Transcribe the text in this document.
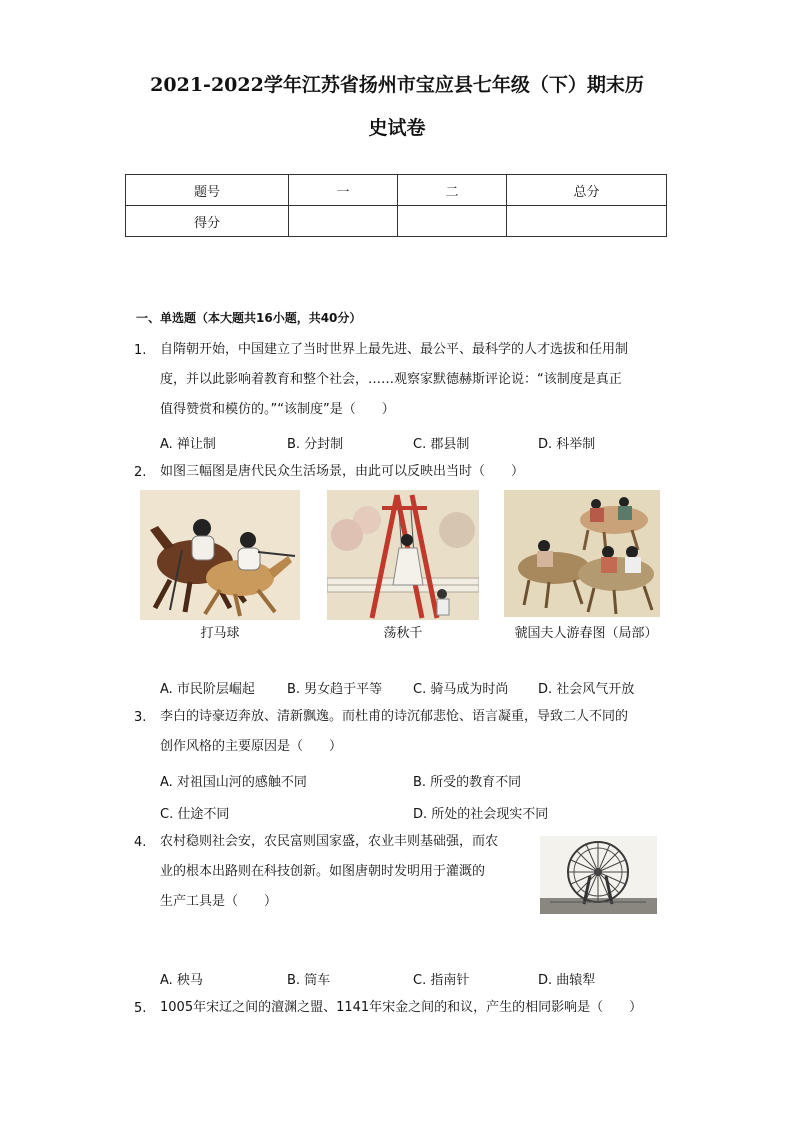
2021-2022学年江苏省扬州市宝应县七年级（下）期末历
史试卷
题号	一	二	总分
得分			
一、单选题（本大题共16小题，共40分）
1. 自隋朝开始，中国建立了当时世界上最先进、最公平、最科学的人才选拔和任用制
度，并以此影响着教育和整个社会，……观察家默德赫斯评论说：“该制度是真正
值得赞赏和模仿的。”“该制度”是（　　）
A. 禅让制	B. 分封制	C. 郡县制	D. 科举制
2. 如图三幅图是唐代民众生活场景，由此可以反映出当时（　　）
打马球	荡秋千	虢国夫人游春图（局部）
A. 市民阶层崛起 B. 男女趋于平等 C. 骑马成为时尚 D. 社会风气开放
3. 李白的诗豪迈奔放、清新飘逸。而杜甫的诗沉郁悲怆、语言凝重，导致二人不同的
创作风格的主要原因是（　　）
A. 对祖国山河的感触不同	B. 所受的教育不同
C. 仕途不同	D. 所处的社会现实不同
4. 农村稳则社会安，农民富则国家盛，农业丰则基础强，而农
业的根本出路则在科技创新。如图唐朝时发明用于灌溉的
生产工具是（　　）
A. 秧马	B. 筒车	C. 指南针	D. 曲辕犁
5. 1005年宋辽之间的澶渊之盟、1141年宋金之间的和议，产生的相同影响是（　　）
